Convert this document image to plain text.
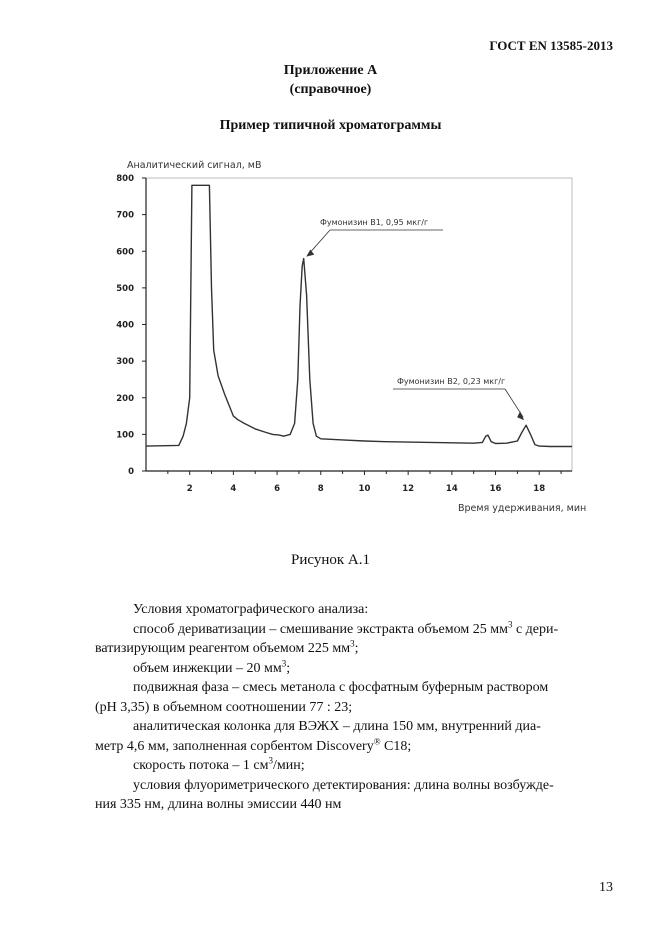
ГОСТ EN 13585-2013
Приложение А
(справочное)
Пример типичной хроматограммы
Аналитический сигнал, мВ
Время удерживания, мин
0
100
200
300
400
500
600
700
800
2	4	6	8	10	12	14	16	18
Фумонизин В1, 0,95 мкг/г
Фумонизин В2, 0,23 мкг/г
Рисунок А.1

Условия хроматографического анализа:

способ дериватизации – смешивание экстракта объемом 25 $мм^3$ с дери-

ватизирующим реагентом объемом 225 $мм^3$;

объем инжекции – 20 $мм^3$;

подвижная фаза – смесь метанола с фосфатным буферным раствором

(рН 3,35) в объемном соотношении 77 : 23;

аналитическая колонка для ВЭЖХ – длина 150 мм, внутренний диа-

метр 4,6 мм, заполненная сорбентом Discovery® C18;

скорость потока – 1 $см^3$/мин;

условия флуориметрического детектирования: длина волны возбужде-

ния 335 нм, длина волны эмиссии 440 нм

13
